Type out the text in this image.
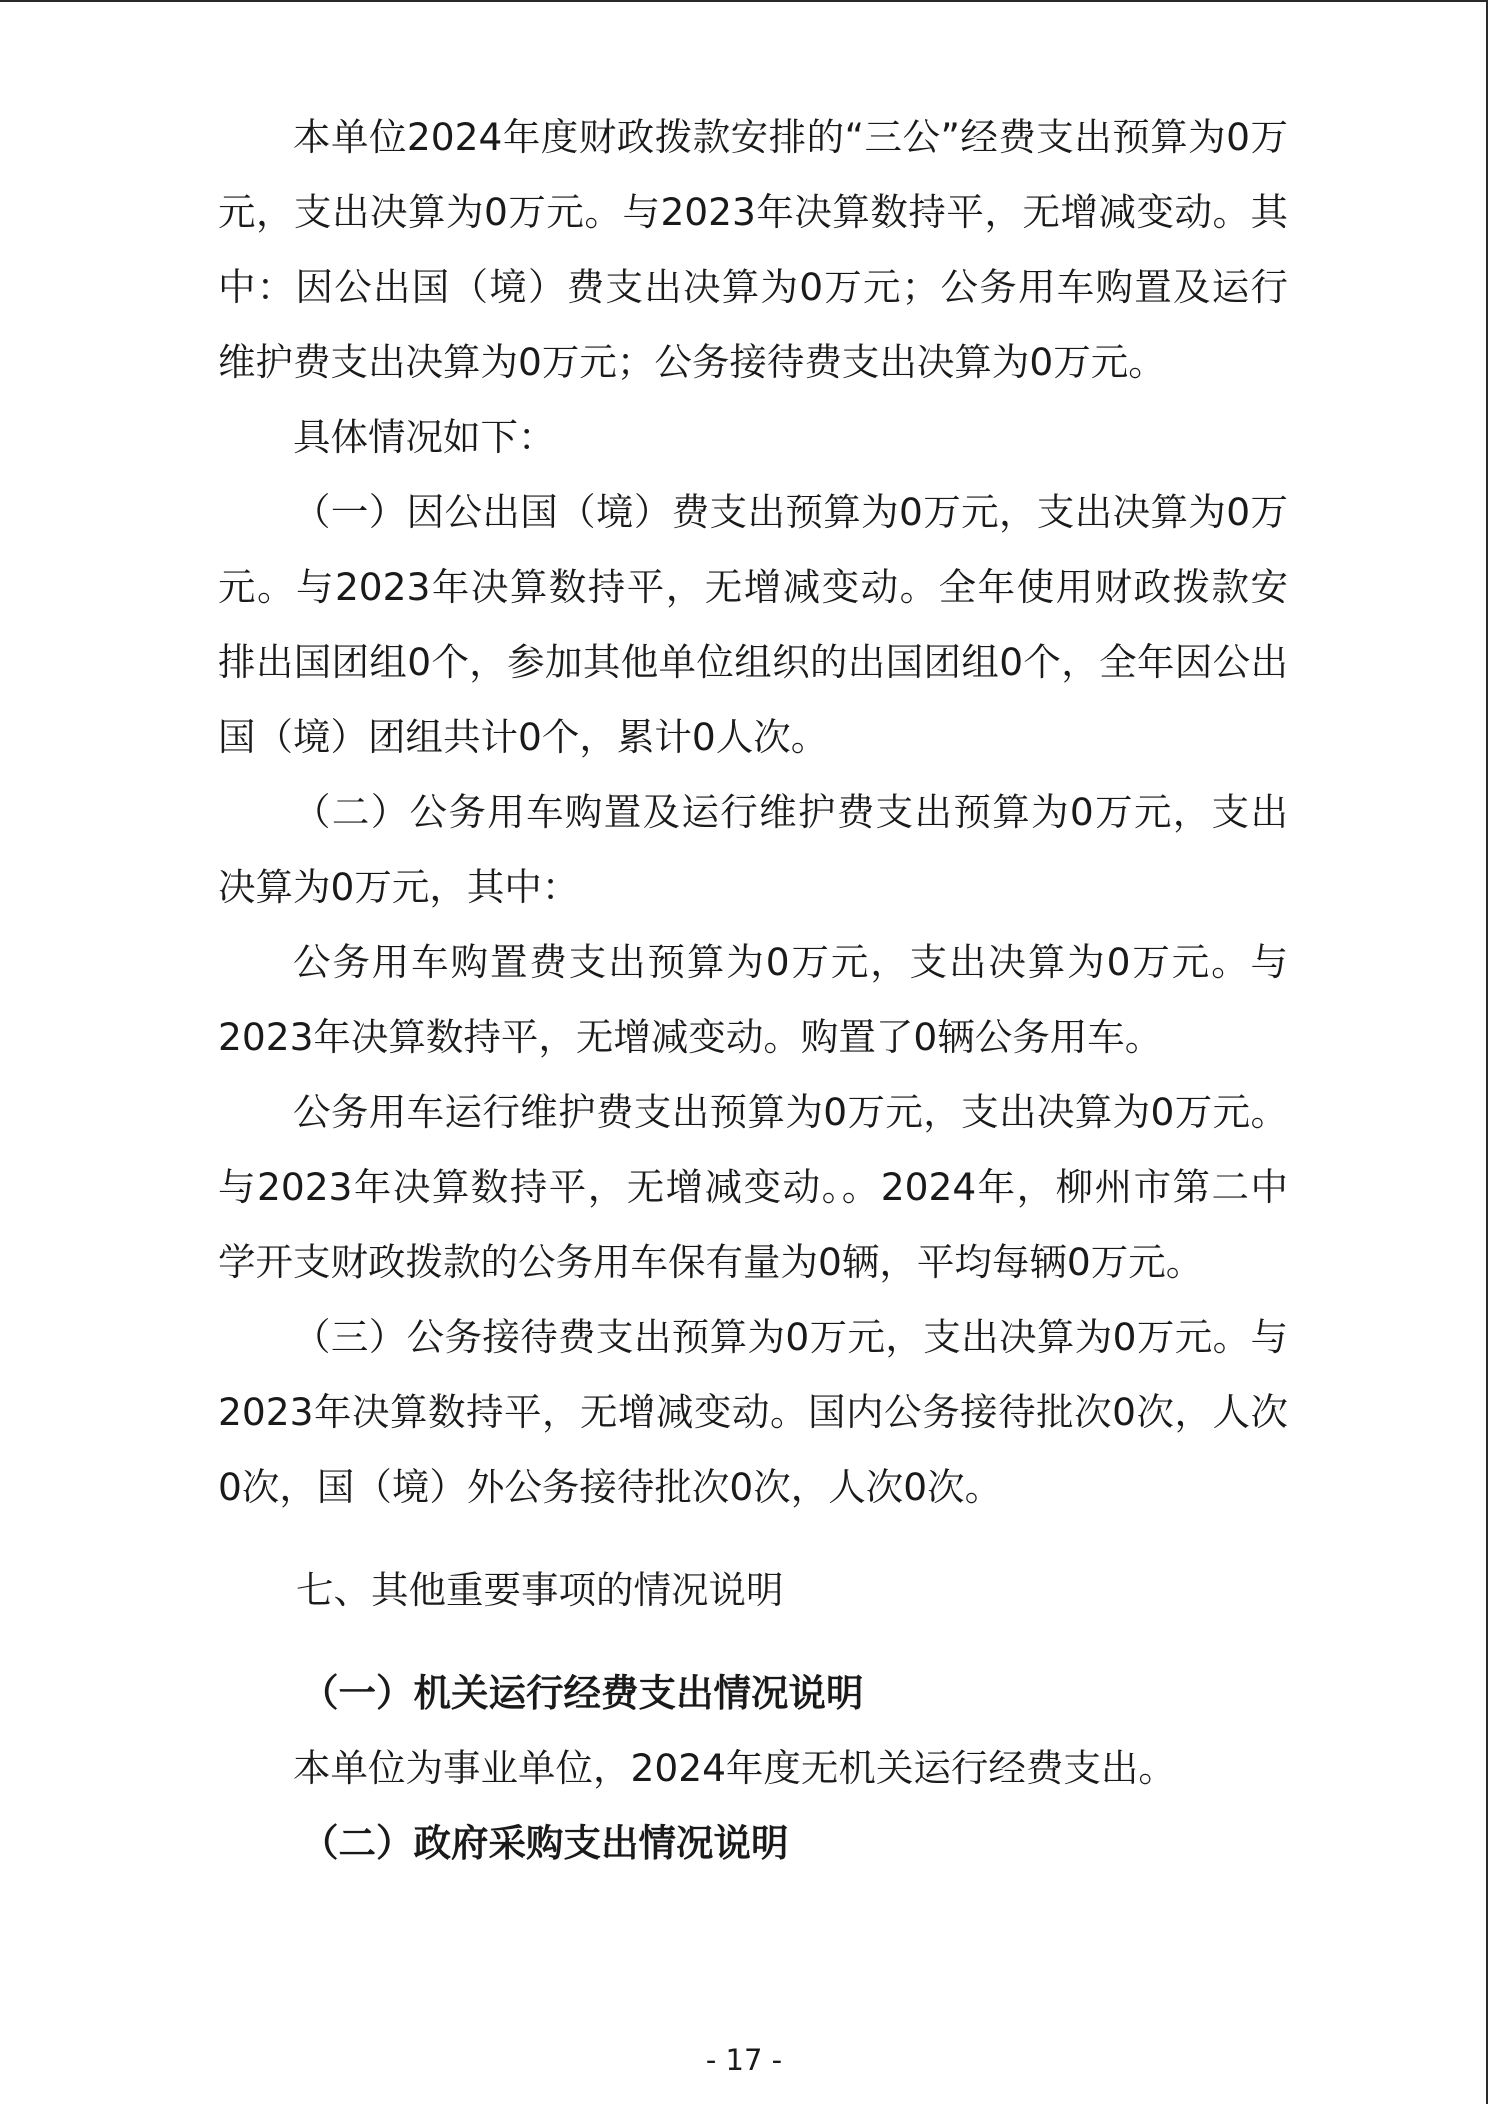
本单位2024年度财政拨款安排的“三公”经费支出预算为0万元，支出决算为0万元。与2023年决算数持平，无增减变动。其中：因公出国（境）费支出决算为0万元；公务用车购置及运行维护费支出决算为0万元；公务接待费支出决算为0万元。

具体情况如下：

（一）因公出国（境）费支出预算为0万元，支出决算为0万元。与2023年决算数持平，无增减变动。全年使用财政拨款安排出国团组0个，参加其他单位组织的出国团组0个，全年因公出国（境）团组共计0个，累计0人次。

（二）公务用车购置及运行维护费支出预算为0万元，支出决算为0万元，其中：

公务用车购置费支出预算为0万元，支出决算为0万元。与2023年决算数持平，无增减变动。购置了0辆公务用车。

公务用车运行维护费支出预算为0万元，支出决算为0万元。与2023年决算数持平，无增减变动。。2024年，柳州市第二中学开支财政拨款的公务用车保有量为0辆，平均每辆0万元。

（三）公务接待费支出预算为0万元，支出决算为0万元。与2023年决算数持平，无增减变动。国内公务接待批次0次，人次0次，国（境）外公务接待批次0次，人次0次。

七、其他重要事项的情况说明

（一）机关运行经费支出情况说明

本单位为事业单位，2024年度无机关运行经费支出。

（二）政府采购支出情况说明

- 17 -
